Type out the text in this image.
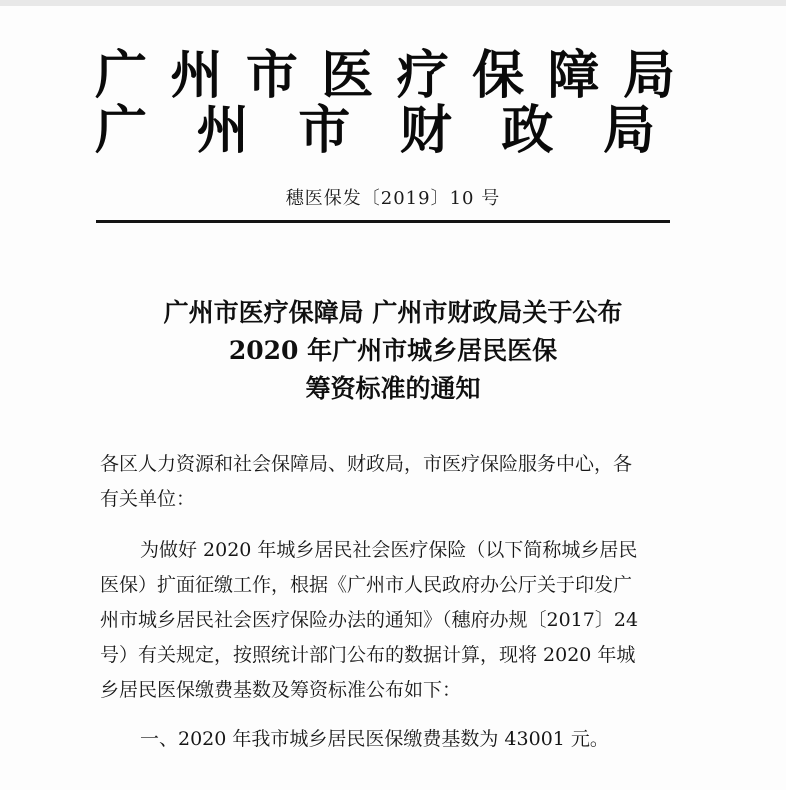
广 州 市 医 疗 保 障 局
广 州 市 财 政 局
穗医保发〔2019〕10 号
广州市医疗保障局 广州市财政局关于公布
2020 年广州市城乡居民医保
筹资标准的通知
各区人力资源和社会保障局、财政局，市医疗保险服务中心，各
有关单位：
为做好 2020 年城乡居民社会医疗保险（以下简称城乡居民
医保）扩面征缴工作，根据《广州市人民政府办公厅关于印发广
州市城乡居民社会医疗保险办法的通知》（穗府办规〔2017〕24
号）有关规定，按照统计部门公布的数据计算，现将 2020 年城
乡居民医保缴费基数及筹资标准公布如下：
一、2020 年我市城乡居民医保缴费基数为 43001 元。
